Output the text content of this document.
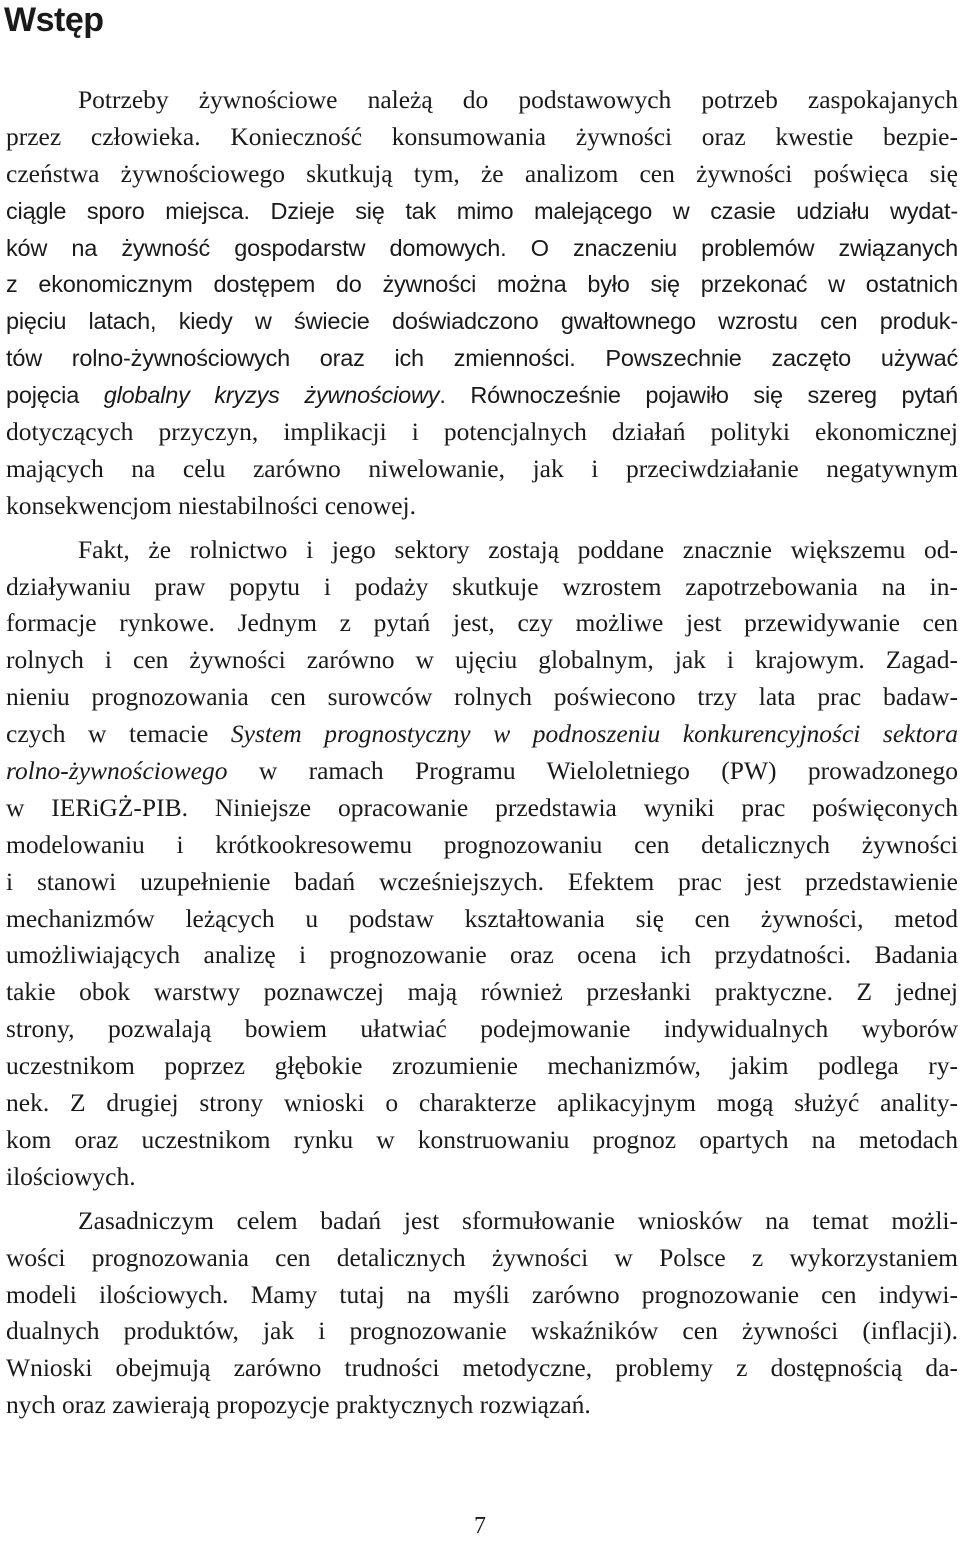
Wstęp
Potrzeby żywnościowe należą do podstawowych potrzeb zaspokajanych
przez człowieka. Konieczność konsumowania żywności oraz kwestie bezpie-
czeństwa żywnościowego skutkują tym, że analizom cen żywności poświęca się
ciągle sporo miejsca. Dzieje się tak mimo malejącego w czasie udziału wydat-
ków na żywność gospodarstw domowych. O znaczeniu problemów związanych
z ekonomicznym dostępem do żywności można było się przekonać w ostatnich
pięciu latach, kiedy w świecie doświadczono gwałtownego wzrostu cen produk-
tów rolno-żywnościowych oraz ich zmienności. Powszechnie zaczęto używać
pojęcia globalny kryzys żywnościowy. Równocześnie pojawiło się szereg pytań
dotyczących przyczyn, implikacji i potencjalnych działań polityki ekonomicznej
mających na celu zarówno niwelowanie, jak i przeciwdziałanie negatywnym
konsekwencjom niestabilności cenowej.
Fakt, że rolnictwo i jego sektory zostają poddane znacznie większemu od-
działywaniu praw popytu i podaży skutkuje wzrostem zapotrzebowania na in-
formacje rynkowe. Jednym z pytań jest, czy możliwe jest przewidywanie cen
rolnych i cen żywności zarówno w ujęciu globalnym, jak i krajowym. Zagad-
nieniu prognozowania cen surowców rolnych poświecono trzy lata prac badaw-
czych w temacie System prognostyczny w podnoszeniu konkurencyjności sektora
rolno-żywnościowego w ramach Programu Wieloletniego (PW) prowadzonego
w IERiGŻ-PIB. Niniejsze opracowanie przedstawia wyniki prac poświęconych
modelowaniu i krótkookresowemu prognozowaniu cen detalicznych żywności
i stanowi uzupełnienie badań wcześniejszych. Efektem prac jest przedstawienie
mechanizmów leżących u podstaw kształtowania się cen żywności, metod
umożliwiających analizę i prognozowanie oraz ocena ich przydatności. Badania
takie obok warstwy poznawczej mają również przesłanki praktyczne. Z jednej
strony, pozwalają bowiem ułatwiać podejmowanie indywidualnych wyborów
uczestnikom poprzez głębokie zrozumienie mechanizmów, jakim podlega ry-
nek. Z drugiej strony wnioski o charakterze aplikacyjnym mogą służyć anality-
kom oraz uczestnikom rynku w konstruowaniu prognoz opartych na metodach
ilościowych.
Zasadniczym celem badań jest sformułowanie wniosków na temat możli-
wości prognozowania cen detalicznych żywności w Polsce z wykorzystaniem
modeli ilościowych. Mamy tutaj na myśli zarówno prognozowanie cen indywi-
dualnych produktów, jak i prognozowanie wskaźników cen żywności (inflacji).
Wnioski obejmują zarówno trudności metodyczne, problemy z dostępnością da-
nych oraz zawierają propozycje praktycznych rozwiązań.
7
